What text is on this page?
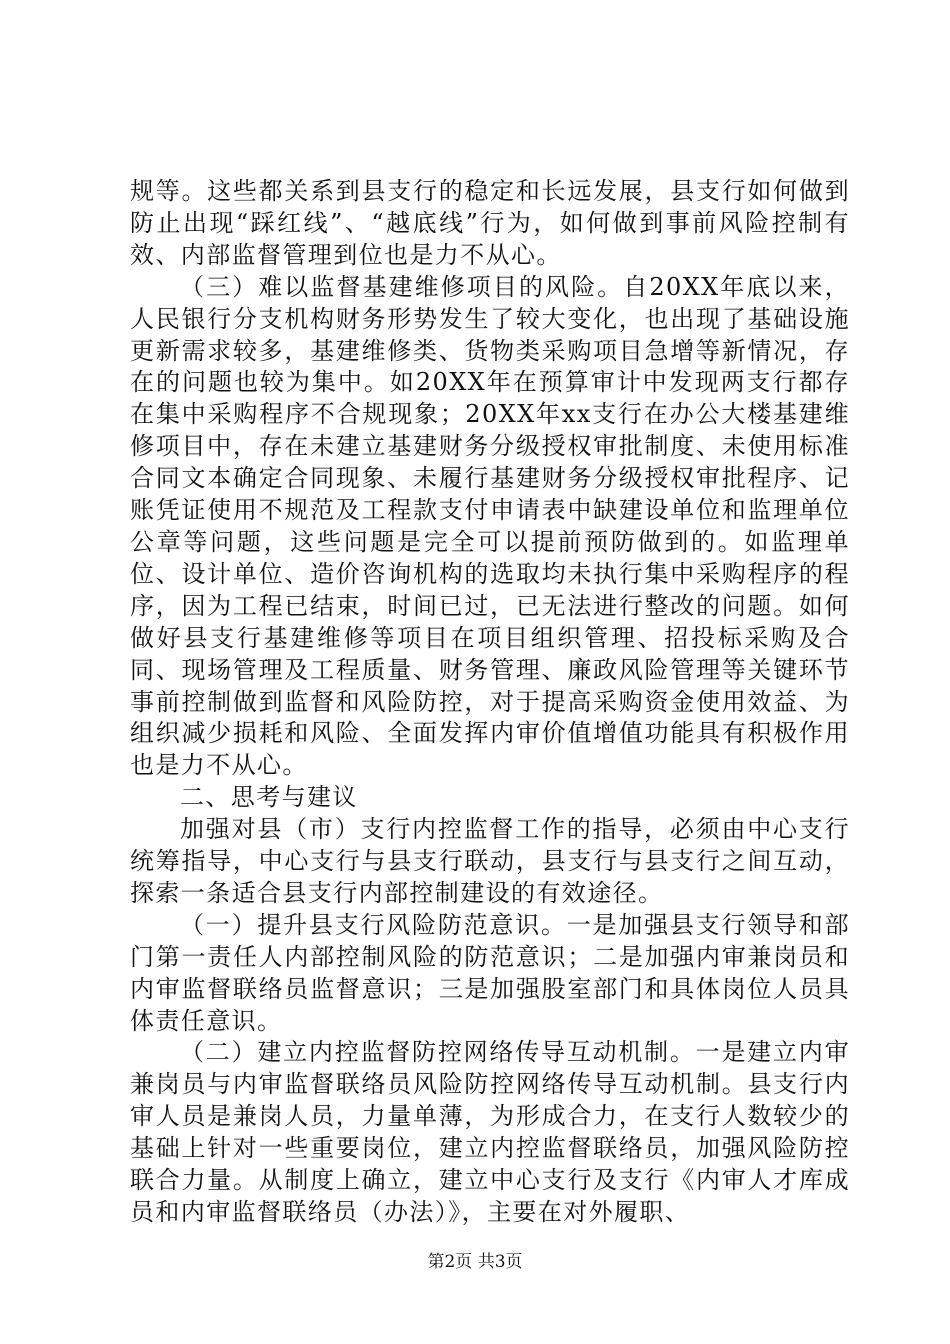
规等。这些都关系到县支行的稳定和长远发展，县支行如何做到防止出现“踩红线”、“越底线”行为，如何做到事前风险控制有效、内部监督管理到位也是力不从心。

（三）难以监督基建维修项目的风险。自20XX年底以来，人民银行分支机构财务形势发生了较大变化，也出现了基础设施更新需求较多，基建维修类、货物类采购项目急增等新情况，存在的问题也较为集中。如20XX年在预算审计中发现两支行都存在集中采购程序不合规现象；20XX年xx支行在办公大楼基建维修项目中，存在未建立基建财务分级授权审批制度、未使用标准合同文本确定合同现象、未履行基建财务分级授权审批程序、记账凭证使用不规范及工程款支付申请表中缺建设单位和监理单位公章等问题，这些问题是完全可以提前预防做到的。如监理单位、设计单位、造价咨询机构的选取均未执行集中采购程序的程序，因为工程已结束，时间已过，已无法进行整改的问题。如何做好县支行基建维修等项目在项目组织管理、招投标采购及合同、现场管理及工程质量、财务管理、廉政风险管理等关键环节事前控制做到监督和风险防控，对于提高采购资金使用效益、为组织减少损耗和风险、全面发挥内审价值增值功能具有积极作用也是力不从心。

二、思考与建议

加强对县（市）支行内控监督工作的指导，必须由中心支行统筹指导，中心支行与县支行联动，县支行与县支行之间互动，探索一条适合县支行内部控制建设的有效途径。

（一）提升县支行风险防范意识。一是加强县支行领导和部门第一责任人内部控制风险的防范意识；二是加强内审兼岗员和内审监督联络员监督意识；三是加强股室部门和具体岗位人员具体责任意识。

（二）建立内控监督防控网络传导互动机制。一是建立内审兼岗员与内审监督联络员风险防控网络传导互动机制。县支行内审人员是兼岗人员，力量单薄，为形成合力，在支行人数较少的基础上针对一些重要岗位，建立内控监督联络员，加强风险防控联合力量。从制度上确立，建立中心支行及支行《内审人才库成员和内审监督联络员（办法）》，主要在对外履职、

第2页 共3页
